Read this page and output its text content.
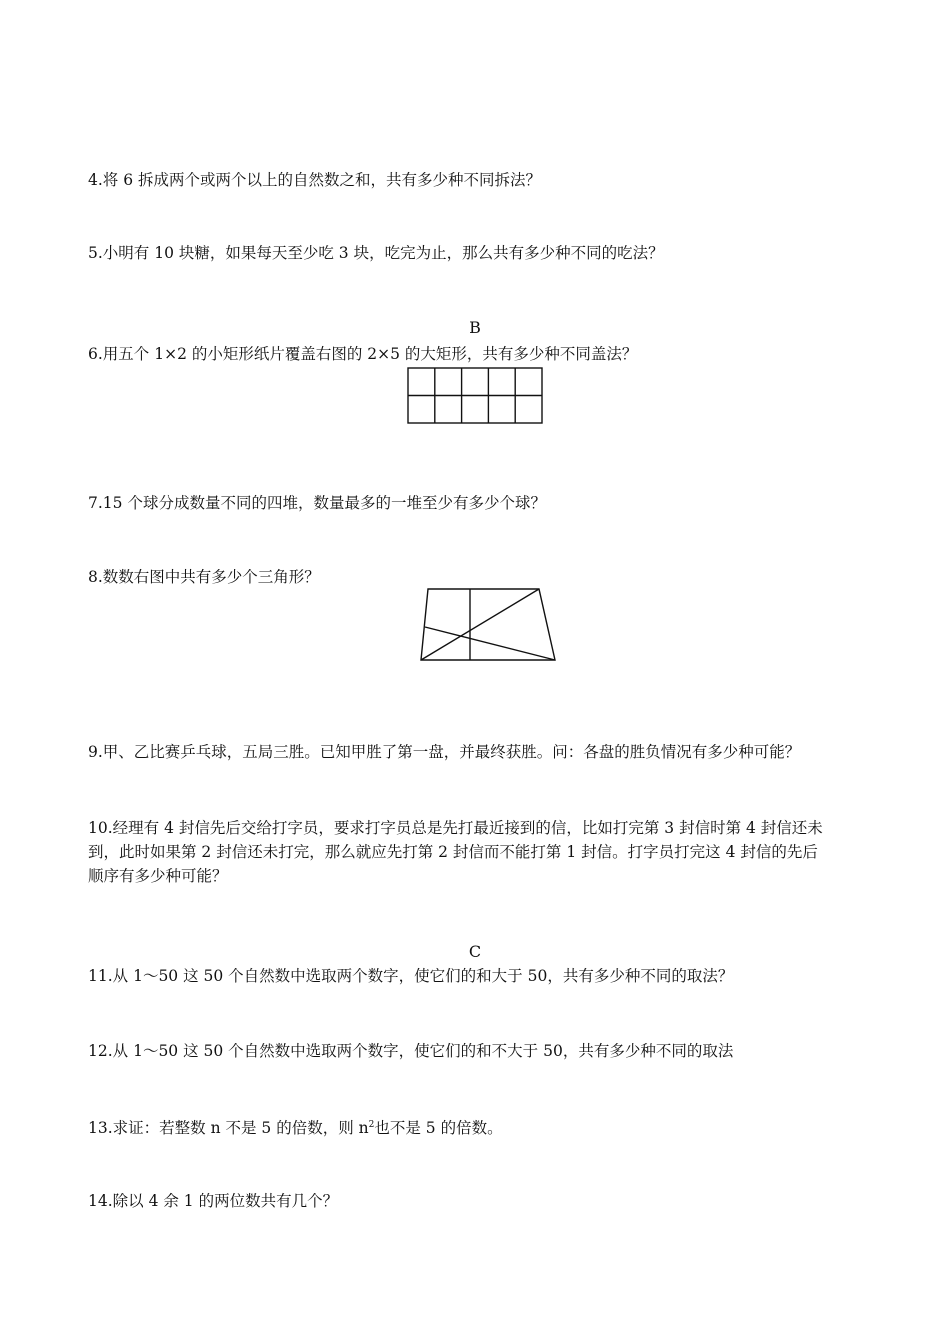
4.将 6 拆成两个或两个以上的自然数之和，共有多少种不同拆法？
5.小明有 10 块糖，如果每天至少吃 3 块，吃完为止，那么共有多少种不同的吃法？
B
6.用五个 1×2 的小矩形纸片覆盖右图的 2×5 的大矩形，共有多少种不同盖法？
7.15 个球分成数量不同的四堆，数量最多的一堆至少有多少个球？
8.数数右图中共有多少个三角形？
9.甲、乙比赛乒乓球，五局三胜。已知甲胜了第一盘，并最终获胜。问：各盘的胜负情况有多少种可能？
10.经理有 4 封信先后交给打字员，要求打字员总是先打最近接到的信，比如打完第 3 封信时第 4 封信还未
到，此时如果第 2 封信还未打完，那么就应先打第 2 封信而不能打第 1 封信。打字员打完这 4 封信的先后
顺序有多少种可能？
C
11.从 1～50 这 50 个自然数中选取两个数字，使它们的和大于 50，共有多少种不同的取法？
12.从 1～50 这 50 个自然数中选取两个数字，使它们的和不大于 50，共有多少种不同的取法
13.求证：若整数 n 不是 5 的倍数，则 $n^2$也不是 5 的倍数。
14.除以 4 余 1 的两位数共有几个？
